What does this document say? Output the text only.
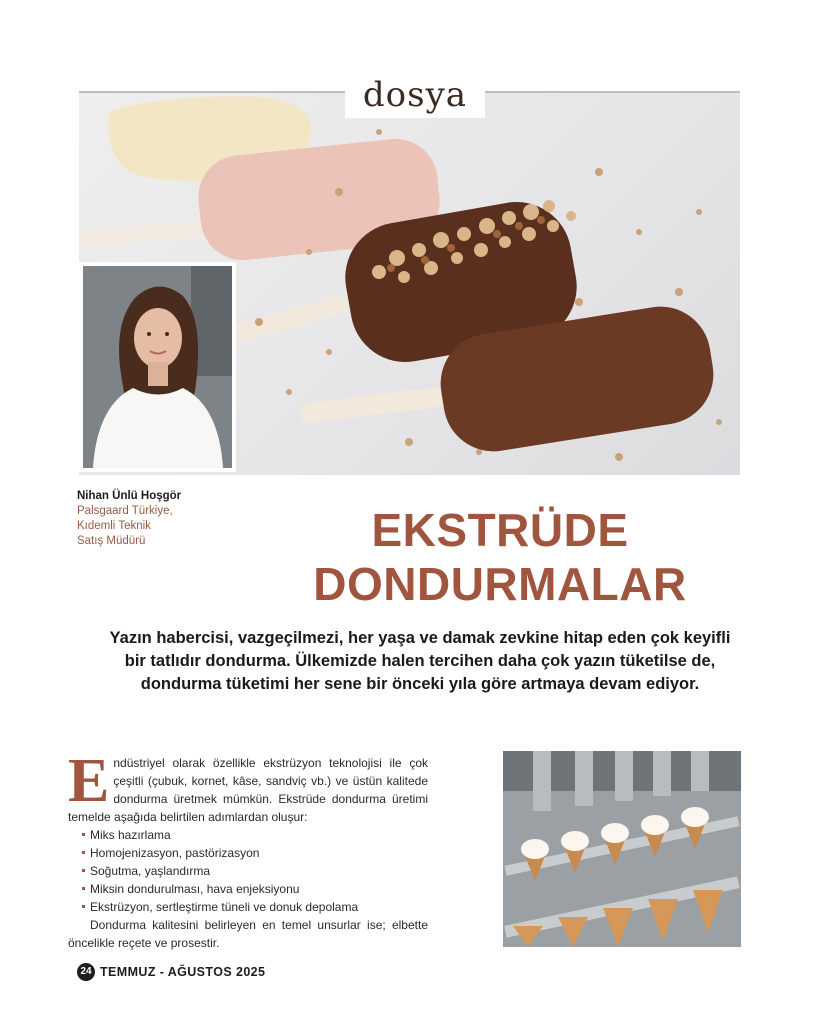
dosya
Nihan Ünlü Hoşgör
Palsgaard Türkiye,
Kıdemli Teknik
Satış Müdürü	EKSTRÜDE
DONDURMALAR
Yazın habercisi, vazgeçilmezi, her yaşa ve damak zevkine hitap eden çok keyifli
bir tatlıdır dondurma. Ülkemizde halen tercihen daha çok yazın tüketilse de,
dondurma tüketimi her sene bir önceki yıla göre artmaya devam ediyor.
E ndüstriyel olarak özellikle ekstrüzyon teknolojisi ile çok çeşitli (çubuk, kornet, kâse, sandviç vb.) ve üstün kalitede dondurma üretmek mümkün. Ekstrüde dondurma üretimi temelde aşağıda belirtilen adımlardan oluşur:
Miks hazırlama
Homojenizasyon, pastörizasyon
Soğutma, yaşlandırma
Miksin dondurulması, hava enjeksiyonu
Ekstrüzyon, sertleştirme tüneli ve donuk depolama
Dondurma kalitesini belirleyen en temel unsurlar ise; elbette öncelikle reçete ve prosestir.
24 TEMMUZ - AĞUSTOS 2025
